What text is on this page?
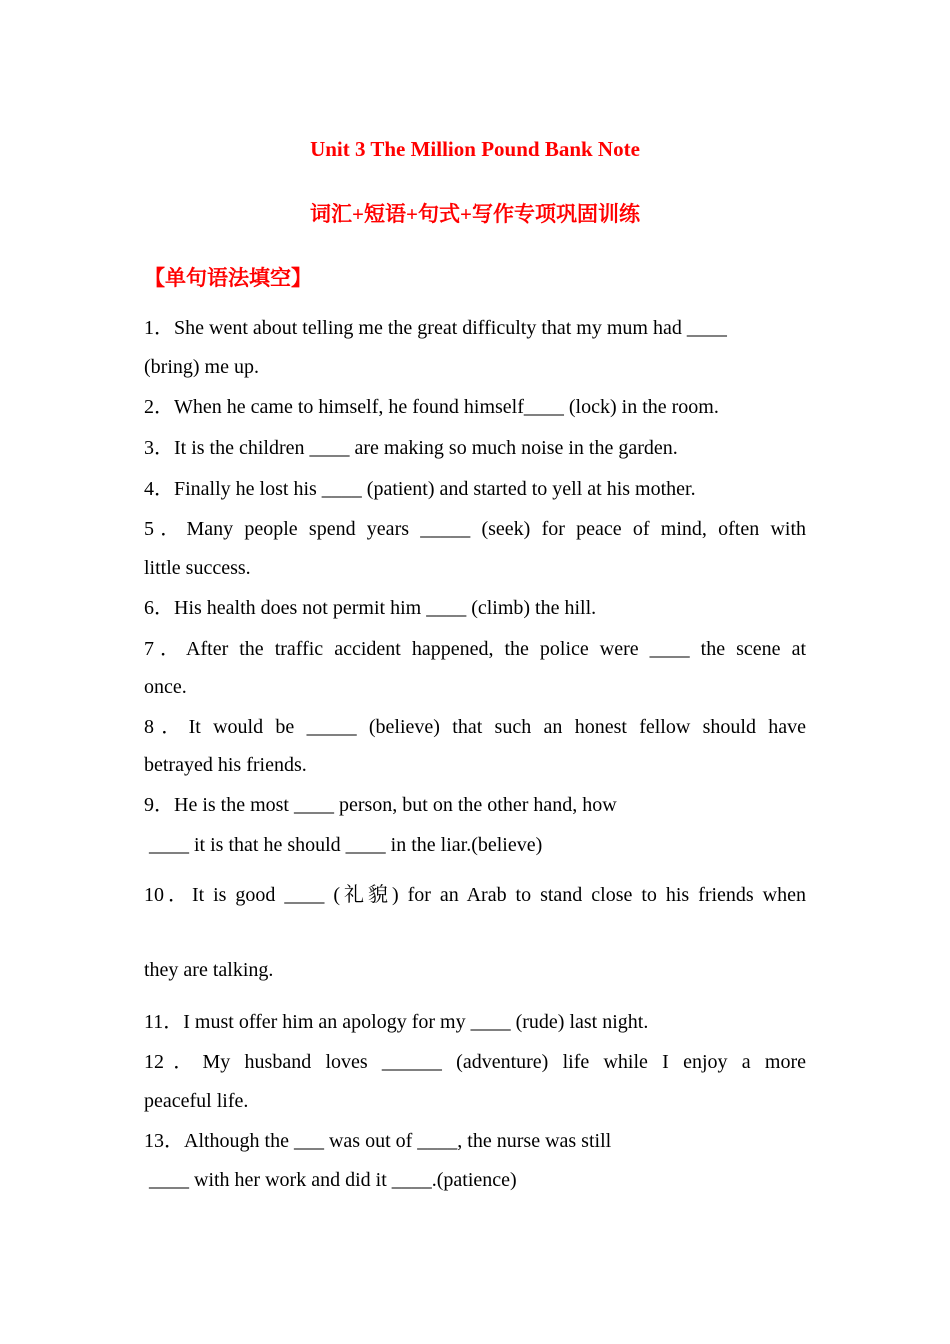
Unit 3 The Million Pound Bank Note
词汇+短语+句式+写作专项巩固训练
【单句语法填空】
1．She went about telling me the great difficulty that my mum had ____
(bring) me up.
2．When he came to himself, he found himself____ (lock) in the room.
3．It is the children ____ are making so much noise in the garden.
4．Finally he lost his ____ (patient) and started to yell at his mother.
5．Many people spend years _____ (seek) for peace of mind, often with
little success.
6．His health does not permit him ____ (climb) the hill.
7．After the traffic accident happened, the police were ____ the scene at
once.
8．It would be _____ (believe) that such an honest fellow should have
betrayed his friends.
9．He is the most ____ person, but on the other hand, how
____ it is that he should ____ in the liar.(believe)
10．It is good ____ (礼貌) for an Arab to stand close to his friends when
they are talking.
11．I must offer him an apology for my ____ (rude) last night.
12．My husband loves ______ (adventure) life while I enjoy a more
peaceful life.
13．Although the ___ was out of ____, the nurse was still
____ with her work and did it ____.(patience)
